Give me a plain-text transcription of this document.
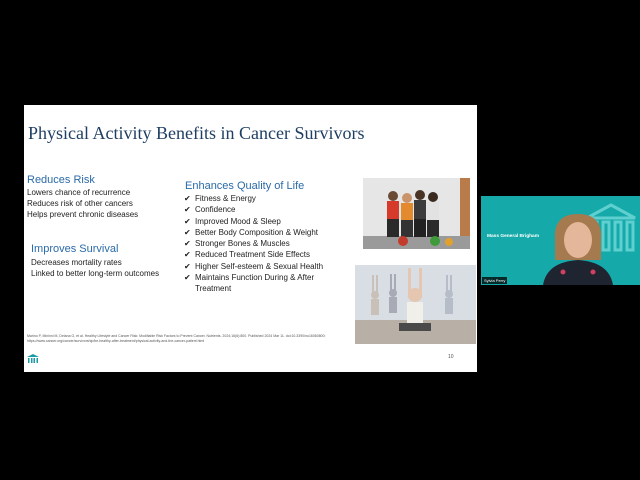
Physical Activity Benefits in Cancer Survivors
Reduces Risk
Lowers chance of recurrence
Reduces risk of other cancers
Helps prevent chronic diseases
Improves Survival
Decreases mortality rates
Linked to better long-term outcomes
Enhances Quality of Life
✔ Fitness & Energy
✔ Confidence
✔ Improved Mood & Sleep
✔ Better Body Composition & Weight
✔ Stronger Bones & Muscles
✔ Reduced Treatment Side Effects
✔ Higher Self-esteem & Sexual Health
✔ Maintains Function During & After
Treatment
Marino P, Mininni M, Deiana G, et al. Healthy Lifestyle and Cancer Risk: Modifiable Risk Factors to Prevent Cancer. Nutrients. 2024;16(6):800. Published 2024 Mar 11. doi:10.3390/nu16060800; https://www.cancer.org/cancer/survivorship/be-healthy-after-treatment/physical-activity-and-the-cancer-patient.html
10
Mass General Brigham
Sylvia Perry
